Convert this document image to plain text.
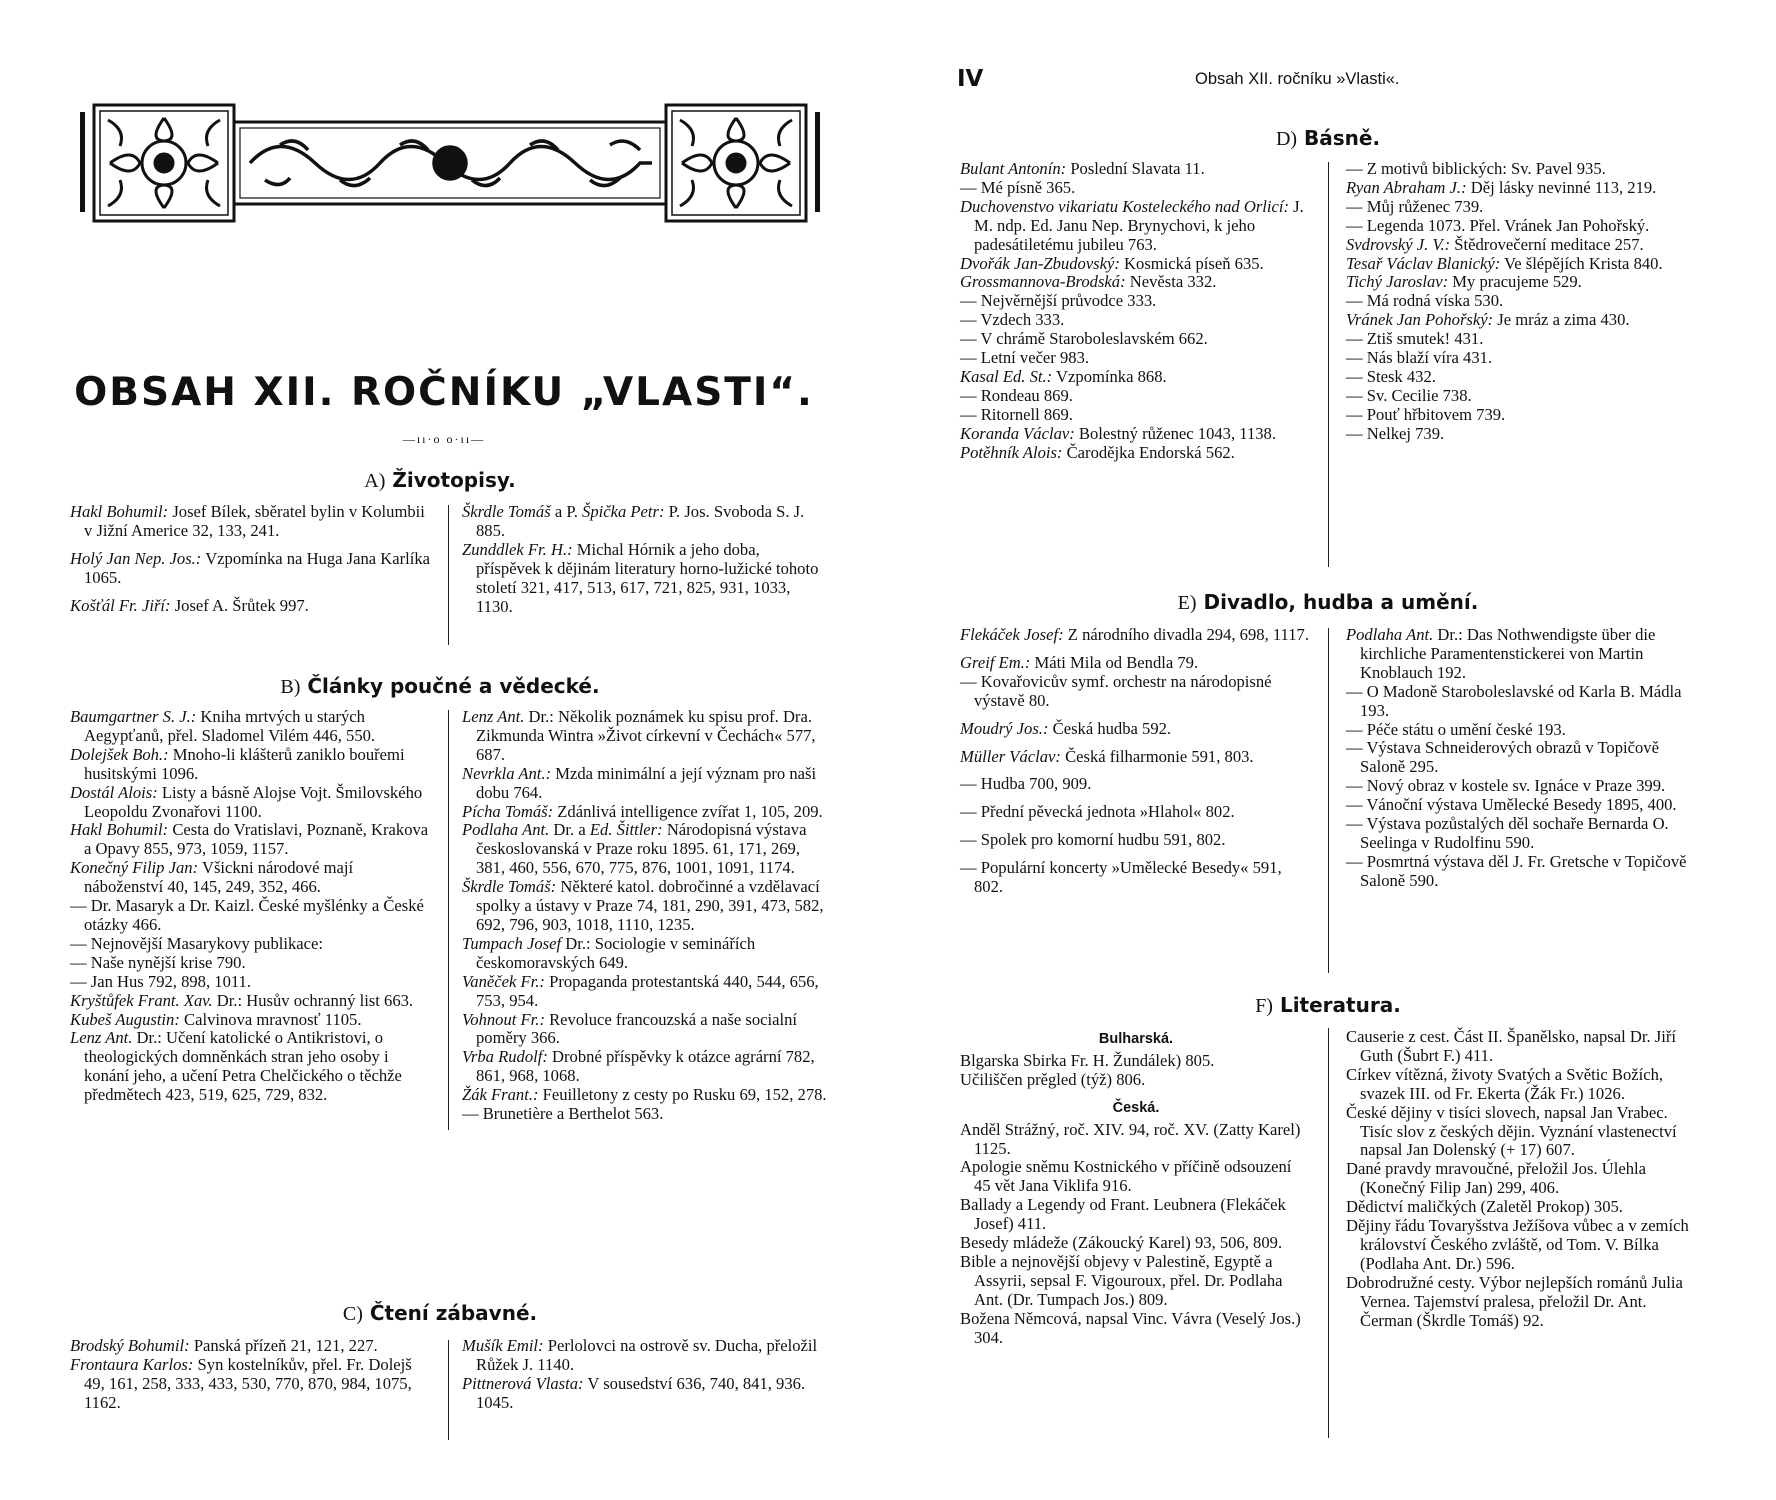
OBSAH XII. ROČNÍKU „VLASTI“.
—ıı·o o·ıı—
A) Životopisy.
Hakl Bohumil: Josef Bílek, sběratel bylin v Kolumbii v Jižní Americe 32, 133, 241.
Holý Jan Nep. Jos.: Vzpomínka na Huga Jana Karlíka 1065.
Košťál Fr. Jiří: Josef A. Šrůtek 997.
Škrdle Tomáš a P. Špička Petr: P. Jos. Svoboda S. J. 885.
Zunddlek Fr. H.: Michal Hórnik a jeho doba, příspěvek k dějinám literatury horno-lužické tohoto století 321, 417, 513, 617, 721, 825, 931, 1033, 1130.
B) Články poučné a vědecké.
Baumgartner S. J.: Kniha mrtvých u starých Aegypťanů, přel. Sladomel Vilém 446, 550.
Dolejšek Boh.: Mnoho-li klášterů zaniklo bouřemi husitskými 1096.
Dostál Alois: Listy a básně Alojse Vojt. Šmilovského Leopoldu Zvonařovi 1100.
Hakl Bohumil: Cesta do Vratislavi, Poznaně, Krakova a Opavy 855, 973, 1059, 1157.
Konečný Filip Jan: Všickni národové mají náboženství 40, 145, 249, 352, 466.
— Dr. Masaryk a Dr. Kaizl. České myšlénky a České otázky 466.
— Nejnovější Masarykovy publikace:
— Naše nynější krise 790.
— Jan Hus 792, 898, 1011.
Kryštůfek Frant. Xav. Dr.: Husův ochranný list 663.
Kubeš Augustin: Calvinova mravnosť 1105.
Lenz Ant. Dr.: Učení katolické o Antikristovi, o theologických domněnkách stran jeho osoby i konání jeho, a učení Petra Chelčického o těchže předmětech 423, 519, 625, 729, 832.
Lenz Ant. Dr.: Několik poznámek ku spisu prof. Dra. Zikmunda Wintra »Život církevní v Čechách« 577, 687.
Nevrkla Ant.: Mzda minimální a její význam pro naši dobu 764.
Pícha Tomáš: Zdánlivá intelligence zvířat 1, 105, 209.
Podlaha Ant. Dr. a Ed. Šittler: Národopisná výstava českoslovanská v Praze roku 1895. 61, 171, 269, 381, 460, 556, 670, 775, 876, 1001, 1091, 1174.
Škrdle Tomáš: Některé katol. dobročinné a vzdělavací spolky a ústavy v Praze 74, 181, 290, 391, 473, 582, 692, 796, 903, 1018, 1110, 1235.
Tumpach Josef Dr.: Sociologie v seminářích českomoravských 649.
Vaněček Fr.: Propaganda protestantská 440, 544, 656, 753, 954.
Vohnout Fr.: Revoluce francouzská a naše socialní poměry 366.
Vrba Rudolf: Drobné příspěvky k otázce agrární 782, 861, 968, 1068.
Žák Frant.: Feuilletony z cesty po Rusku 69, 152, 278.
— Brunetière a Berthelot 563.
C) Čtení zábavné.
Brodský Bohumil: Panská přízeň 21, 121, 227.
Frontaura Karlos: Syn kostelníkův, přel. Fr. Dolejš 49, 161, 258, 333, 433, 530, 770, 870, 984, 1075, 1162.
Mušík Emil: Perlolovci na ostrově sv. Ducha, přeložil Růžek J. 1140.
Pittnerová Vlasta: V sousedství 636, 740, 841, 936. 1045.
IV	Obsah XII. ročníku »Vlasti«.
D) Básně.
Bulant Antonín: Poslední Slavata 11.
— Mé písně 365.
Duchovenstvo vikariatu Kosteleckého nad Orlicí: J. M. ndp. Ed. Janu Nep. Brynychovi, k jeho padesátiletému jubileu 763.
Dvořák Jan-Zbudovský: Kosmická píseň 635.
Grossmannova-Brodská: Nevěsta 332.
— Nejvěrnější průvodce 333.
— Vzdech 333.
— V chrámě Staroboleslavském 662.
— Letní večer 983.
Kasal Ed. St.: Vzpomínka 868.
— Rondeau 869.
— Ritornell 869.
Koranda Václav: Bolestný růženec 1043, 1138.
Potěhník Alois: Čarodějka Endorská 562.
— Z motivů biblických: Sv. Pavel 935.
Ryan Abraham J.: Děj lásky nevinné 113, 219.
— Můj růženec 739.
— Legenda 1073. Přel. Vránek Jan Pohořský.
Svdrovský J. V.: Štědrovečerní meditace 257.
Tesař Václav Blanický: Ve šlépějích Krista 840.
Tichý Jaroslav: My pracujeme 529.
— Má rodná víska 530.
Vránek Jan Pohořský: Je mráz a zima 430.
— Ztiš smutek! 431.
— Nás blaží víra 431.
— Stesk 432.
— Sv. Cecilie 738.
— Pouť hřbitovem 739.
— Nelkej 739.
E) Divadlo, hudba a umění.
Flekáček Josef: Z národního divadla 294, 698, 1117.
Greif Em.: Máti Mila od Bendla 79.
— Kovařovicův symf. orchestr na národopisné výstavě 80.
Moudrý Jos.: Česká hudba 592.
Müller Václav: Česká filharmonie 591, 803.
— Hudba 700, 909.
— Přední pěvecká jednota »Hlahol« 802.
— Spolek pro komorní hudbu 591, 802.
— Populární koncerty »Umělecké Besedy« 591, 802.
Podlaha Ant. Dr.: Das Nothwendigste über die kirchliche Paramentenstickerei von Martin Knoblauch 192.
— O Madoně Staroboleslavské od Karla B. Mádla 193.
— Péče státu o umění české 193.
— Výstava Schneiderových obrazů v Topičově Saloně 295.
— Nový obraz v kostele sv. Ignáce v Praze 399.
— Vánoční výstava Umělecké Besedy 1895, 400.
— Výstava pozůstalých děl sochaře Bernarda O. Seelinga v Rudolfinu 590.
— Posmrtná výstava děl J. Fr. Gretsche v Topičově Saloně 590.
F) Literatura.
Bulharská.
Blgarska Sbirka Fr. H. Žundálek) 805.
Učiliščen prěgled (týž) 806.
Česká.
Anděl Strážný, roč. XIV. 94, roč. XV. (Zatty Karel) 1125.
Apologie sněmu Kostnického v příčině odsouzení 45 vět Jana Viklifa 916.
Ballady a Legendy od Frant. Leubnera (Flekáček Josef) 411.
Besedy mládeže (Zákoucký Karel) 93, 506, 809.
Bible a nejnovější objevy v Palestině, Egyptě a Assyrii, sepsal F. Vigouroux, přel. Dr. Podlaha Ant. (Dr. Tumpach Jos.) 809.
Božena Němcová, napsal Vinc. Vávra (Veselý Jos.) 304.
Causerie z cest. Část II. Španělsko, napsal Dr. Jiří Guth (Šubrt F.) 411.
Církev vítězná, životy Svatých a Světic Božích, svazek III. od Fr. Ekerta (Žák Fr.) 1026.
České dějiny v tisíci slovech, napsal Jan Vrabec. Tisíc slov z českých dějin. Vyznání vlastenectví napsal Jan Dolenský (+ 17) 607.
Dané pravdy mravoučné, přeložil Jos. Úlehla (Konečný Filip Jan) 299, 406.
Dědictví maličkých (Zaletěl Prokop) 305.
Dějiny řádu Tovaryšstva Ježíšova vůbec a v zemích království Českého zvláště, od Tom. V. Bílka (Podlaha Ant. Dr.) 596.
Dobrodružné cesty. Výbor nejlepších románů Julia Vernea. Tajemství pralesa, přeložil Dr. Ant. Čerman (Škrdle Tomáš) 92.
